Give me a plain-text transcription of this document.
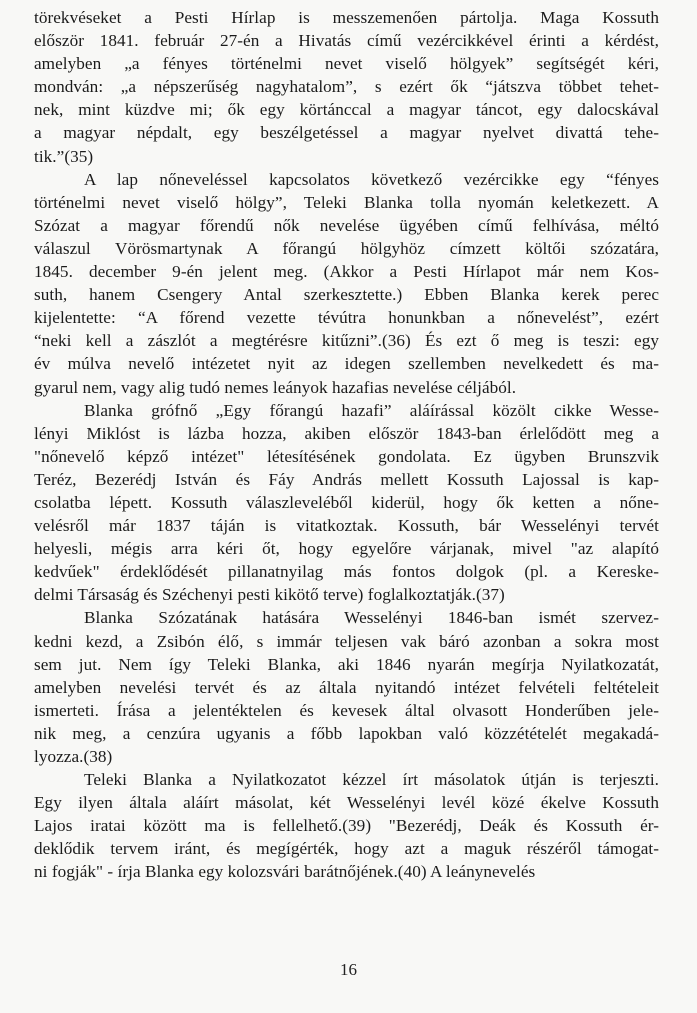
törekvéseket a Pesti Hírlap is messzemenően pártolja. Maga Kossuth
először 1841. február 27-én a Hivatás című vezércikkével érinti a kérdést,
amelyben „a fényes történelmi nevet viselő hölgyek” segítségét kéri,
mondván: „a népszerűség nagyhatalom”, s ezért ők “játszva többet tehet-
nek, mint küzdve mi; ők egy körtánccal a magyar táncot, egy dalocskával
a magyar népdalt, egy beszélgetéssel a magyar nyelvet divattá tehe-
tik.”(35)
A lap nőneveléssel kapcsolatos következő vezércikke egy “fényes
történelmi nevet viselő hölgy”, Teleki Blanka tolla nyomán keletkezett. A
Szózat a magyar főrendű nők nevelése ügyében című felhívása, méltó
válaszul Vörösmartynak A főrangú hölgyhöz címzett költői szózatára,
1845. december 9-én jelent meg. (Akkor a Pesti Hírlapot már nem Kos-
suth, hanem Csengery Antal szerkesztette.) Ebben Blanka kerek perec
kijelentette: “A főrend vezette tévútra honunkban a nőnevelést”, ezért
“neki kell a zászlót a megtérésre kitűzni”.(36) És ezt ő meg is teszi: egy
év múlva nevelő intézetet nyit az idegen szellemben nevelkedett és ma-
gyarul nem, vagy alig tudó nemes leányok hazafias nevelése céljából.
Blanka grófnő „Egy főrangú hazafi” aláírással közölt cikke Wesse-
lényi Miklóst is lázba hozza, akiben először 1843-ban érlelődött meg a
"nőnevelő képző intézet" létesítésének gondolata. Ez ügyben Brunszvik
Teréz, Bezerédj István és Fáy András mellett Kossuth Lajossal is kap-
csolatba lépett. Kossuth válaszleveléből kiderül, hogy ők ketten a nőne-
velésről már 1837 táján is vitatkoztak. Kossuth, bár Wesselényi tervét
helyesli, mégis arra kéri őt, hogy egyelőre várjanak, mivel "az alapító
kedvűek" érdeklődését pillanatnyilag más fontos dolgok (pl. a Kereske-
delmi Társaság és Széchenyi pesti kikötő terve) foglalkoztatják.(37)
Blanka Szózatának hatására Wesselényi 1846-ban ismét szervez-
kedni kezd, a Zsibón élő, s immár teljesen vak báró azonban a sokra most
sem jut. Nem így Teleki Blanka, aki 1846 nyarán megírja Nyilatkozatát,
amelyben nevelési tervét és az általa nyitandó intézet felvételi feltételeit
ismerteti. Írása a jelentéktelen és kevesek által olvasott Honderűben jele-
nik meg, a cenzúra ugyanis a főbb lapokban való közzétételét megakadá-
lyozza.(38)
Teleki Blanka a Nyilatkozatot kézzel írt másolatok útján is terjeszti.
Egy ilyen általa aláírt másolat, két Wesselényi levél közé ékelve Kossuth
Lajos iratai között ma is fellelhető.(39) "Bezerédj, Deák és Kossuth ér-
deklődik tervem iránt, és megígérték, hogy azt a maguk részéről támogat-
ni fogják" - írja Blanka egy kolozsvári barátnőjének.(40) A leánynevelés
16
